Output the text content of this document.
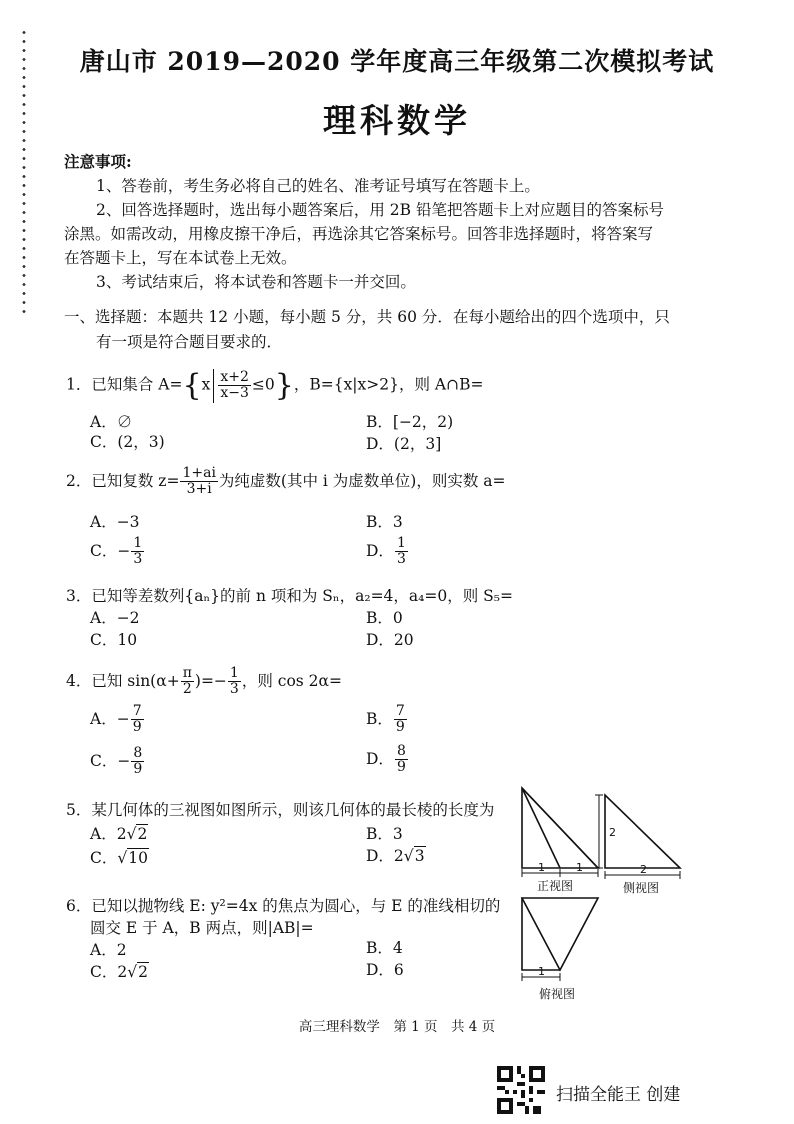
唐山市 2019—2020 学年度高三年级第二次模拟考试
理科数学
注意事项:
1、答卷前，考生务必将自己的姓名、准考证号填写在答题卡上。
2、回答选择题时，选出每小题答案后，用 2B 铅笔把答题卡上对应题目的答案标号
涂黑。如需改动，用橡皮擦干净后，再选涂其它答案标号。回答非选择题时，将答案写
在答题卡上，写在本试卷上无效。
3、考试结束后，将本试卷和答题卡一并交回。
一、选择题：本题共 12 小题，每小题 5 分，共 60 分．在每小题给出的四个选项中，只
有一项是符合题目要求的．
1．已知集合 $A=\{x \frac{x+2}{x-3} \le 0\}$，B={x|x>2}，则 A∩B=
A．∅	B．[−2，2)
C．(2，3)	D．(2，3]
2．已知复数 $z= \frac{1+ai}{3+i}$ 为纯虚数(其中 i 为虚数单位)，则实数 a=
A．−3	B．3
C．− $\frac{1}{3}$	D． $\frac{1}{3}$
3．已知等差数列{aₙ}的前 n 项和为 Sₙ，a₂=4，a₄=0，则 S₅=
A．−2	B．0
C．10	D．20
4．已知 $\sin(\alpha+ \frac{\pi}{2}$ )=− $\frac{1}{3}$ ，则 cos 2α=
A．− $\frac{7}{9}$	B． $\frac{7}{9}$
C．− $\frac{8}{9}$	D． $\frac{8}{9}$
5．某几何体的三视图如图所示，则该几何体的最长棱的长度为
A．2√2	B．3
C．√10	D．2√3
6．已知以抛物线 E: y²=4x 的焦点为圆心，与 E 的准线相切的
圆交 E 于 A，B 两点，则|AB|=
A．2	B．4
C．2√2	D．6
1	1
2
2
1
正视图	侧视图
俯视图
高三理科数学　第 1 页　共 4 页
扫描全能王 创建
